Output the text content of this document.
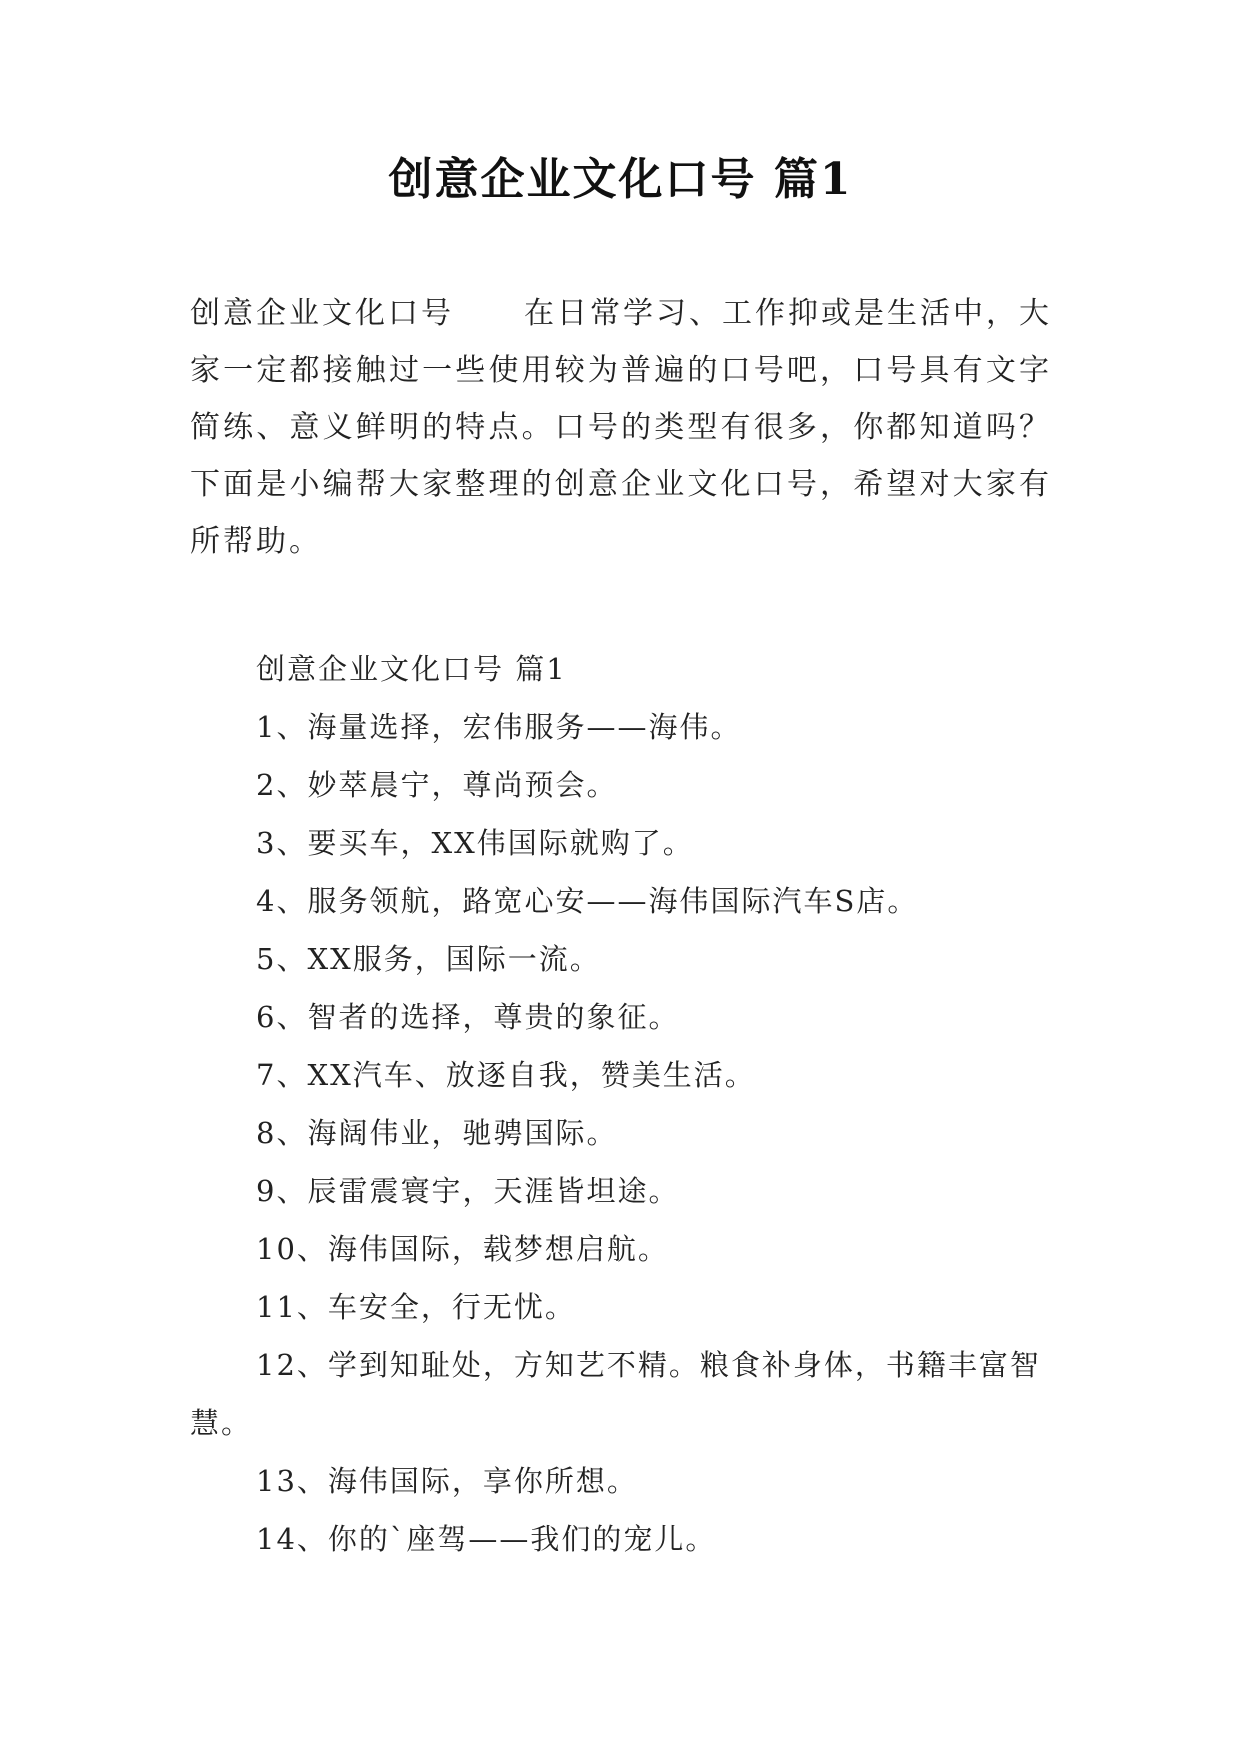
创意企业文化口号 篇1
创意企业文化口号 在日常学习、工作抑或是生活中，大家一定都接触过一些使用较为普遍的口号吧，口号具有文字简练、意义鲜明的特点。口号的类型有很多，你都知道吗？下面是小编帮大家整理的创意企业文化口号，希望对大家有所帮助。

创意企业文化口号 篇1

1、海量选择，宏伟服务——海伟。

2、妙萃晨宁，尊尚预会。

3、要买车，XX伟国际就购了。

4、服务领航，路宽心安——海伟国际汽车S店。

5、XX服务，国际一流。

6、智者的选择，尊贵的象征。

7、XX汽车、放逐自我，赞美生活。

8、海阔伟业，驰骋国际。

9、辰雷震寰宇，天涯皆坦途。

10、海伟国际，载梦想启航。

11、车安全，行无忧。

12、学到知耻处，方知艺不精。粮食补身体，书籍丰富智慧。

13、海伟国际，享你所想。

14、你的`座驾——我们的宠儿。
